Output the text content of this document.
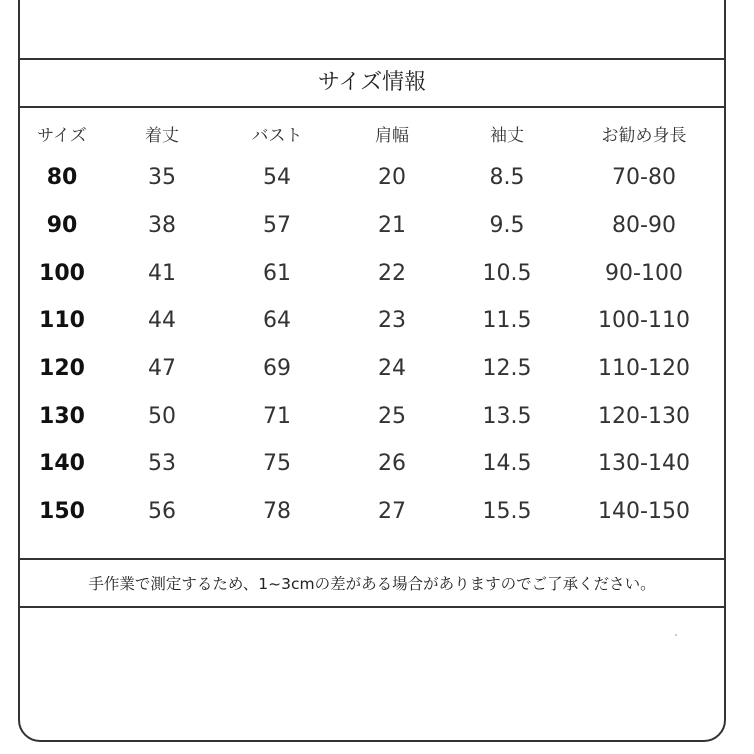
サイズ情報
サイズ	着丈	バスト	肩幅	袖丈	お勧め身長
80	35	54	20	8.5	70-80
90	38	57	21	9.5	80-90
100	41	61	22	10.5	90-100
110	44	64	23	11.5	100-110
120	47	69	24	12.5	110-120
130	50	71	25	13.5	120-130
140	53	75	26	14.5	130-140
150	56	78	27	15.5	140-150
手作業で測定するため、1~3cmの差がある場合がありますのでご了承ください。
